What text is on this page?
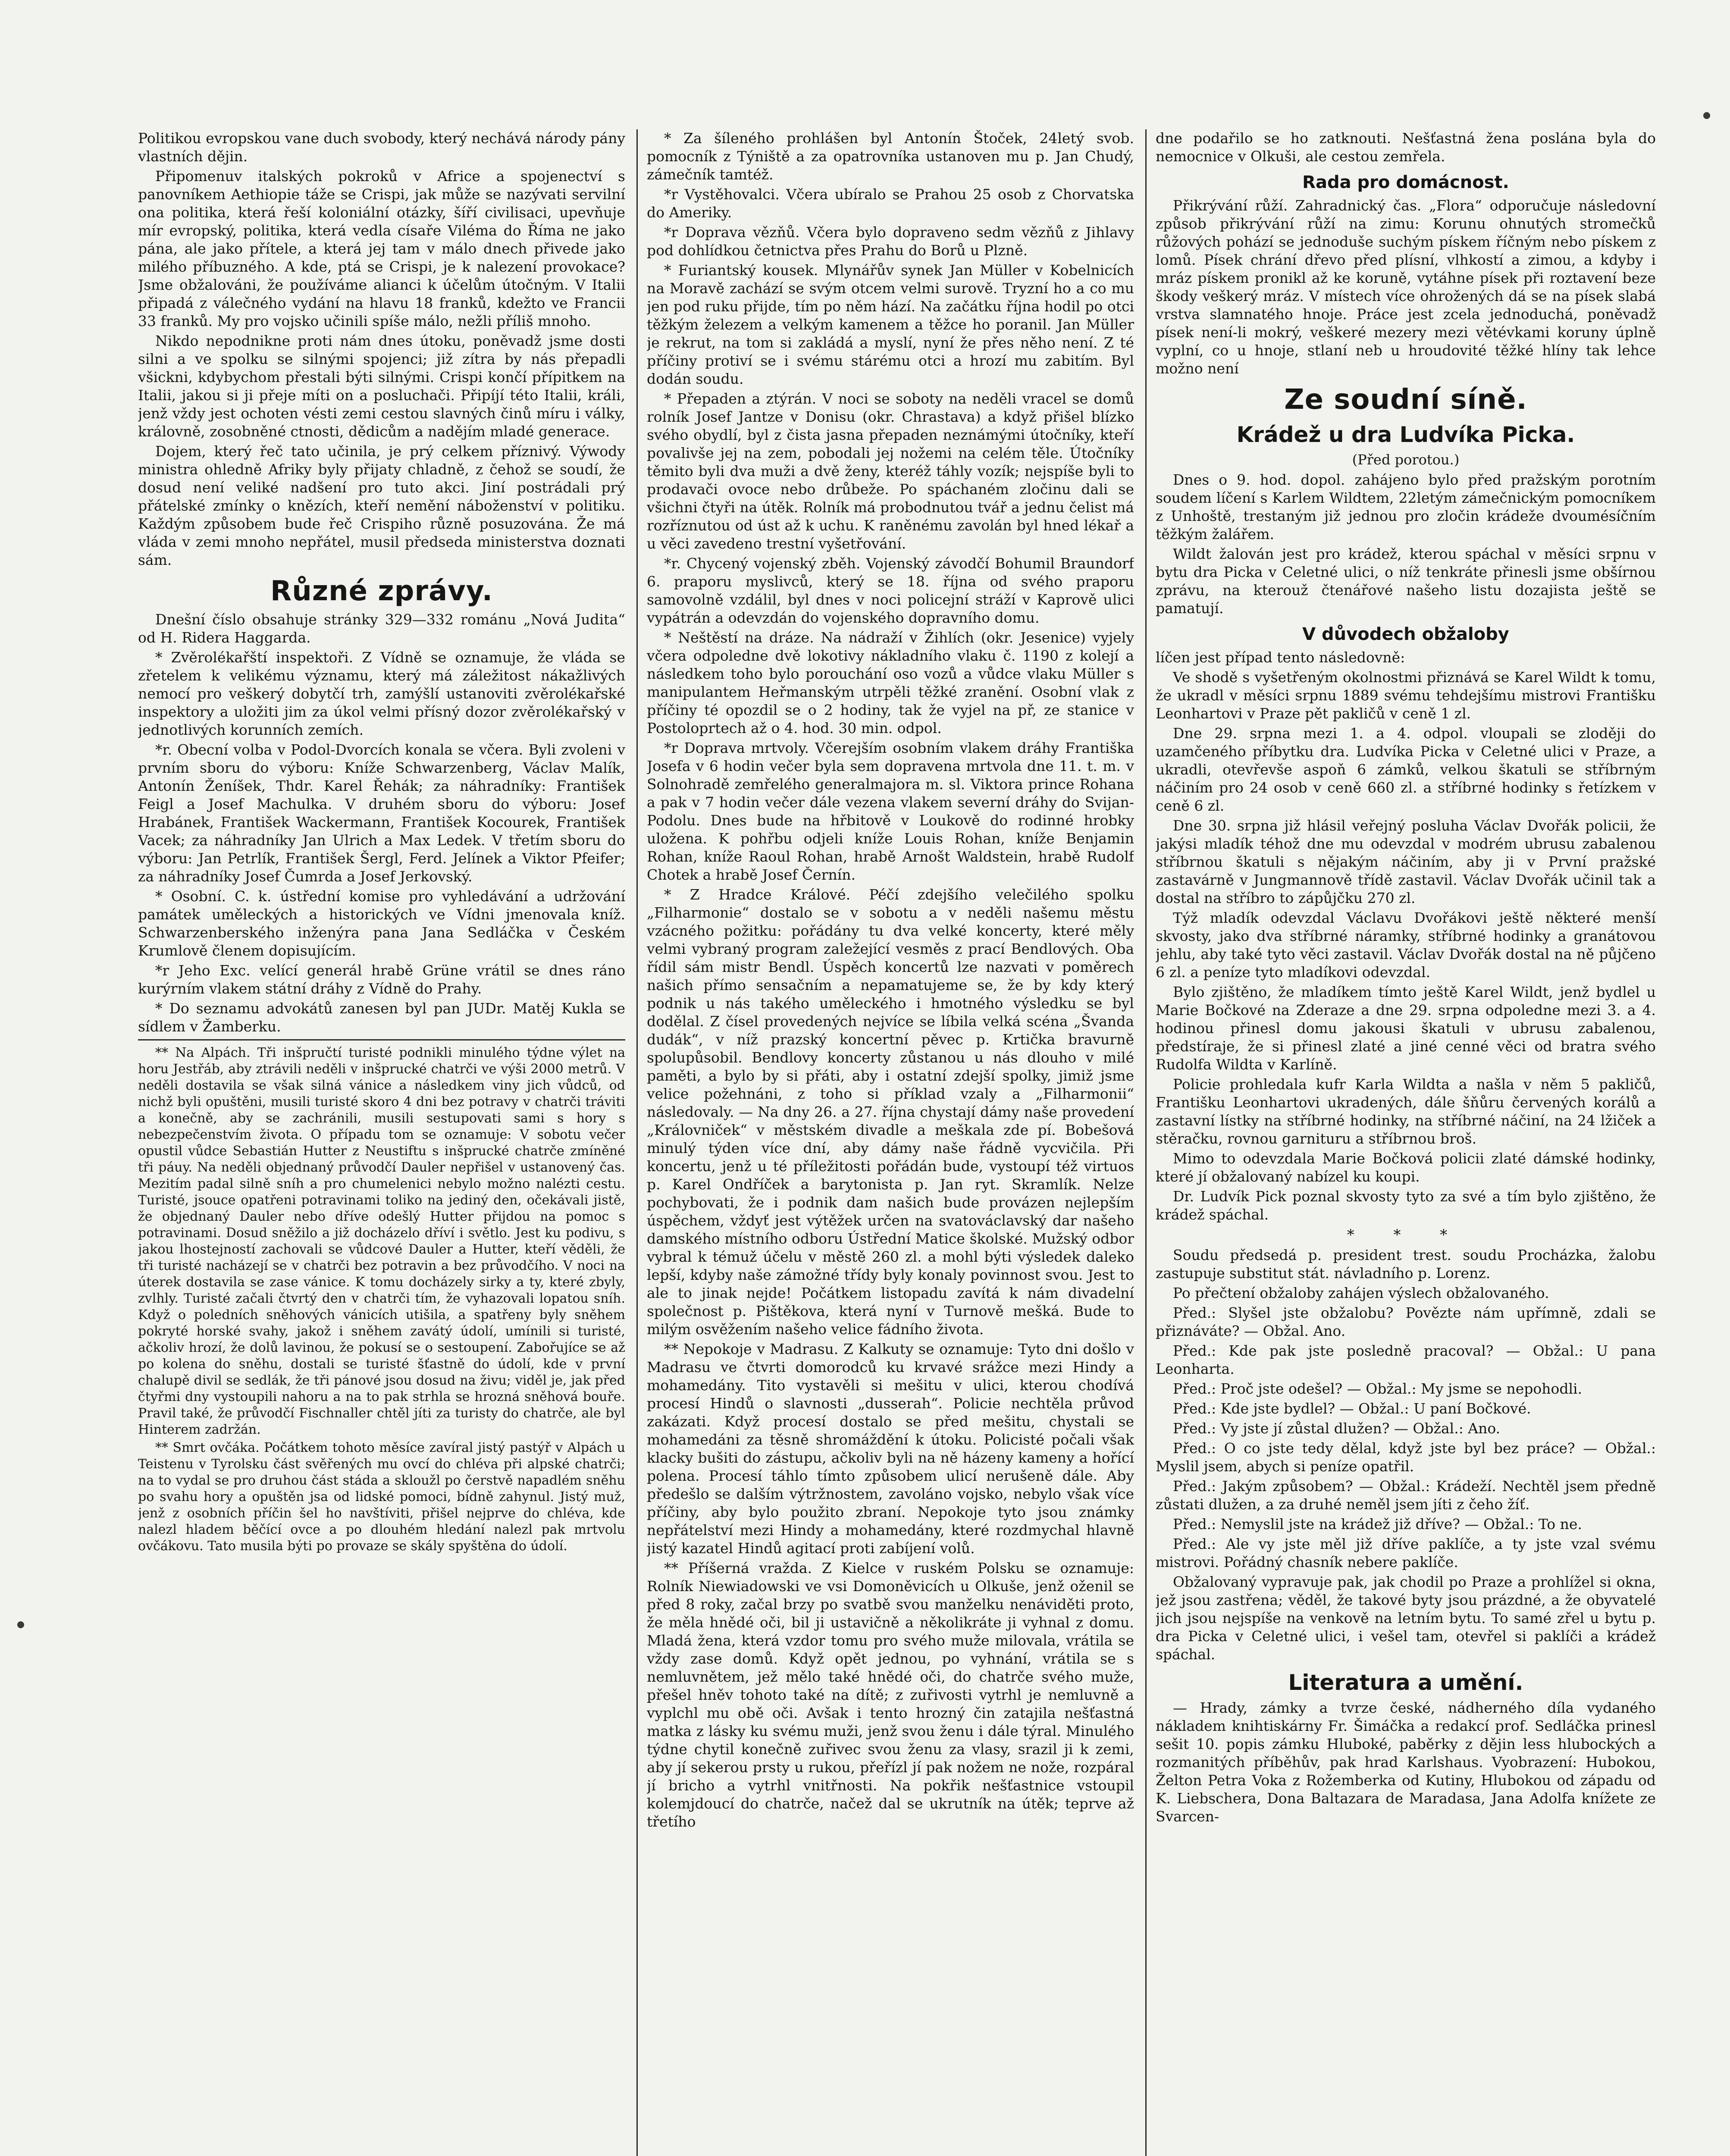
Politikou evropskou vane duch svobody, který nechává národy pány vlastních dějin.

Připomenuv italských pokroků v Africe a spojenectví s panovníkem Aethiopie táže se Crispi, jak může se nazývati servilní ona politika, která řeší koloniální otázky, šíří civilisaci, upevňuje mír evropský, politika, která vedla císaře Viléma do Říma ne jako pána, ale jako přítele, a která jej tam v málo dnech přivede jako milého příbuzného. A kde, ptá se Crispi, je k nalezení provokace? Jsme obžalováni, že používáme alianci k účelům útočným. V Italii připadá z válečného vydání na hlavu 18 franků, kdežto ve Francii 33 franků. My pro vojsko učinili spíše málo, nežli příliš mnoho.

Nikdo nepodnikne proti nám dnes útoku, poněvadž jsme dosti silni a ve spolku se silnými spojenci; již zítra by nás přepadli všickni, kdybychom přestali býti silnými. Crispi končí přípitkem na Italii, jakou si ji přeje míti on a posluchači. Připíjí této Italii, králi, jenž vždy jest ochoten vésti zemi cestou slavných činů míru i války, královně, zosobněné ctnosti, dědicům a nadějím mladé generace.

Dojem, který řeč tato učinila, je prý celkem příznivý. Výwody ministra ohledně Afriky byly přijaty chladně, z čehož se soudí, že dosud není veliké nadšení pro tuto akci. Jiní postrádali prý přátelské zmínky o knězích, kteří nemění náboženství v politiku. Každým způsobem bude řeč Crispiho různě posuzována. Že má vláda v zemi mnoho nepřátel, musil předseda ministerstva doznati sám.

Různé zprávy.

Dnešní číslo obsahuje stránky 329—332 románu „Nová Judita“ od H. Ridera Haggarda.

* Zvěrolékařští inspektoři. Z Vídně se oznamuje, že vláda se zřetelem k velikému významu, který má záležitost nákažlivých nemocí pro veškerý dobytčí trh, zamýšlí ustanoviti zvěrolékařské inspektory a uložiti jim za úkol velmi přísný dozor zvěrolékařský v jednotlivých korunních zemích.

*r. Obecní volba v Podol-Dvorcích konala se včera. Byli zvoleni v prvním sboru do výboru: Kníže Schwarzenberg, Václav Malík, Antonín Ženíšek, Thdr. Karel Řehák; za náhradníky: František Feigl a Josef Machulka. V druhém sboru do výboru: Josef Hrabánek, František Wackermann, František Kocourek, František Vacek; za náhradníky Jan Ulrich a Max Ledek. V třetím sboru do výboru: Jan Petrlík, František Šergl, Ferd. Jelínek a Viktor Pfeifer; za náhradníky Josef Čumrda a Josef Jerkovský.

* Osobní. C. k. ústřední komise pro vyhledávání a udržování památek uměleckých a historických ve Vídni jmenovala kníž. Schwarzenberského inženýra pana Jana Sedláčka v Českém Krumlově členem dopisujícím.

*r Jeho Exc. velící generál hrabě Grüne vrátil se dnes ráno kurýrním vlakem státní dráhy z Vídně do Prahy.

* Do seznamu advokátů zanesen byl pan JUDr. Matěj Kukla se sídlem v Žamberku.

** Na Alpách. Tři inšpručtí turisté podnikli minulého týdne výlet na horu Jestřáb, aby ztrávili neděli v inšprucké chatrči ve výši 2000 metrů. V neděli dostavila se však silná vánice a následkem viny jich vůdců, od nichž byli opuštěni, musili turisté skoro 4 dni bez potravy v chatrči tráviti a konečně, aby se zachránili, musili sestupovati sami s hory s nebezpečenstvím života. O případu tom se oznamuje: V sobotu večer opustil vůdce Sebastián Hutter z Neustiftu s inšprucké chatrče zmíněné tři páuy. Na neděli objednaný průvodčí Dauler nepřišel v ustanovený čas. Mezitím padal silně sníh a pro chumelenici nebylo možno nalézti cestu. Turisté, jsouce opatřeni potravinami toliko na jediný den, očekávali jistě, že objednaný Dauler nebo dříve odešlý Hutter přijdou na pomoc s potravinami. Dosud sněžilo a již docházelo dříví i světlo. Jest ku podivu, s jakou lhostejností zachovali se vůdcové Dauler a Hutter, kteří věděli, že tři turisté nacházejí se v chatrči bez potravin a bez průvodčího. V noci na úterek dostavila se zase vánice. K tomu docházely sirky a ty, které zbyly, zvlhly. Turisté začali čtvrtý den v chatrči tím, že vyhazovali lopatou sníh. Když o poledních sněhových vánicích utišila, a spatřeny byly sněhem pokryté horské svahy, jakož i sněhem zavátý údolí, umínili si turisté, ačkoliv hrozí, že dolů lavinou, že pokusí se o sestoupení. Zabořujíce se až po kolena do sněhu, dostali se turisté šťastně do údolí, kde v první chalupě divil se sedlák, že tři pánové jsou dosud na živu; viděl je, jak před čtyřmi dny vystoupili nahoru a na to pak strhla se hrozná sněhová bouře. Pravil také, že průvodčí Fischnaller chtěl jíti za turisty do chatrče, ale byl Hinterem zadržán.

** Smrt ovčáka. Počátkem tohoto měsíce zavíral jistý pastýř v Alpách u Teistenu v Tyrolsku část svěřených mu ovcí do chléva při alpské chatrči; na to vydal se pro druhou část stáda a skloužl po čerstvě napadlém sněhu po svahu hory a opuštěn jsa od lidské pomoci, bídně zahynul. Jistý muž, jenž z osobních příčin šel ho navštíviti, přišel nejprve do chléva, kde nalezl hladem běčící ovce a po dlouhém hledání nalezl pak mrtvolu ovčákovu. Tato musila býti po provaze se skály spyštěna do údolí.

* Za šíleného prohlášen byl Antonín Štoček, 24letý svob. pomocník z Týniště a za opatrovníka ustanoven mu p. Jan Chudý, zámečník tamtéž.

*r Vystěhovalci. Včera ubíralo se Prahou 25 osob z Chorvatska do Ameriky.

*r Doprava vězňů. Včera bylo dopraveno sedm vězňů z Jihlavy pod dohlídkou četnictva přes Prahu do Borů u Plzně.

* Furiantský kousek. Mlynářův synek Jan Müller v Kobelnicích na Moravě zachází se svým otcem velmi surově. Tryzní ho a co mu jen pod ruku přijde, tím po něm hází. Na začátku října hodil po otci těžkým železem a velkým kamenem a těžce ho poranil. Jan Müller je rekrut, na tom si zakládá a myslí, nyní že přes něho není. Z té příčiny protiví se i svému stárému otci a hrozí mu zabitím. Byl dodán soudu.

* Přepaden a ztýrán. V noci se soboty na neděli vracel se domů rolník Josef Jantze v Donisu (okr. Chrastava) a když přišel blízko svého obydlí, byl z čista jasna přepaden neznámými útočníky, kteří povalivše jej na zem, pobodali jej nožemi na celém těle. Útočníky těmito byli dva muži a dvě ženy, kteréž táhly vozík; nejspíše byli to prodavači ovoce nebo drůbeže. Po spáchaném zločinu dali se všichni čtyři na útěk. Rolník má probodnutou tvář a jednu čelist má rozříznutou od úst až k uchu. K raněnému zavolán byl hned lékař a u věci zavedeno trestní vyšetřování.

*r. Chycený vojenský zběh. Vojenský závodčí Bohumil Braundorf 6. praporu myslivců, který se 18. října od svého praporu samovolně vzdálil, byl dnes v noci policejní stráží v Kaprově ulici vypátrán a odevzdán do vojenského dopravního domu.

* Neštěstí na dráze. Na nádraží v Žihlích (okr. Jesenice) vyjely včera odpoledne dvě lokotivy nákladního vlaku č. 1190 z kolejí a následkem toho bylo porouchání oso vozů a vůdce vlaku Müller s manipulantem Heřmanským utrpěli těžké zranění. Osobní vlak z příčiny té opozdil se o 2 hodiny, tak že vyjel na př, ze stanice v Postoloprtech až o 4. hod. 30 min. odpol.

*r Doprava mrtvoly. Včerejším osobním vlakem dráhy Františka Josefa v 6 hodin večer byla sem dopravena mrtvola dne 11. t. m. v Solnohradě zemřelého generalmajora m. sl. Viktora prince Rohana a pak v 7 hodin večer dále vezena vlakem severní dráhy do Svijan-Podolu. Dnes bude na hřbitově v Loukově do rodinné hrobky uložena. K pohřbu odjeli kníže Louis Rohan, kníže Benjamin Rohan, kníže Raoul Rohan, hrabě Arnošt Waldstein, hrabě Rudolf Chotek a hrabě Josef Černín.

* Z Hradce Králové. Péčí zdejšího velečilého spolku „Filharmonie“ dostalo se v sobotu a v neděli našemu městu vzácného požitku: pořádány tu dva velké koncerty, které měly velmi vybraný program zaležející vesměs z prací Bendlových. Oba řídil sám mistr Bendl. Úspěch koncertů lze nazvati v poměrech našich přímo sensačním a nepamatujeme se, že by kdy který podnik u nás takého uměleckého i hmotného výsledku se byl dodělal. Z čísel provedených nejvíce se líbila velká scéna „Švanda dudák“, v níž prazský koncertní pěvec p. Krtička bravurně spolupůsobil. Bendlovy koncerty zůstanou u nás dlouho v milé paměti, a bylo by si přáti, aby i ostatní zdejší spolky, jimiž jsme velice požehnáni, z toho si příklad vzaly a „Filharmonii“ následovaly. — Na dny 26. a 27. října chystají dámy naše provedení „Královniček“ v městském divadle a meškala zde pí. Bobešová minulý týden více dní, aby dámy naše řádně vycvičila. Při koncertu, jenž u té příležitosti pořádán bude, vystoupí též virtuos p. Karel Ondříček a barytonista p. Jan ryt. Skramlík. Nelze pochybovati, že i podnik dam našich bude provázen nejlepším úspěchem, vždyť jest výtěžek určen na svatováclavský dar našeho damského místního odboru Ústřední Matice školské. Mužský odbor vybral k témuž účelu v městě 260 zl. a mohl býti výsledek daleko lepší, kdyby naše zámožné třídy byly konaly povinnost svou. Jest to ale to jinak nejde! Počátkem listopadu zavítá k nám divadelní společnost p. Pištěkova, která nyní v Turnově mešká. Bude to milým osvěžením našeho velice fádního života.

** Nepokoje v Madrasu. Z Kalkuty se oznamuje: Tyto dni došlo v Madrasu ve čtvrti domorodců ku krvavé srážce mezi Hindy a mohamedány. Tito vystavěli si mešitu v ulici, kterou chodívá procesí Hindů o slavnosti „dusserah“. Policie nechtěla průvod zakázati. Když procesí dostalo se před mešitu, chystali se mohamedáni za těsně shromáždění k útoku. Policisté počali však klacky bušiti do zástupu, ačkoliv byli na ně házeny kameny a hořící polena. Procesí táhlo tímto způsobem ulicí nerušeně dále. Aby předešlo se dalším výtržnostem, zavoláno vojsko, nebylo však více příčiny, aby bylo použito zbraní. Nepokoje tyto jsou známky nepřátelství mezi Hindy a mohamedány, které rozdmychal hlavně jistý kazatel Hindů agitací proti zabíjení volů.

** Příšerná vražda. Z Kielce v ruském Polsku se oznamuje: Rolník Niewiadowski ve vsi Domoněvicích u Olkuše, jenž oženil se před 8 roky, začal brzy po svatbě svou manželku nenáviděti proto, že měla hnědé oči, bil ji ustavičně a několikráte ji vyhnal z domu. Mladá žena, která vzdor tomu pro svého muže milovala, vrátila se vždy zase domů. Když opět jednou, po vyhnání, vrátila se s nemluvnětem, jež mělo také hnědé oči, do chatrče svého muže, přešel hněv tohoto také na dítě; z zuřivosti vytrhl je nemluvně a vyplchl mu obě oči. Avšak i tento hrozný čin zatajila nešťastná matka z lásky ku svému muži, jenž svou ženu i dále týral. Minulého týdne chytil konečně zuřivec svou ženu za vlasy, srazil ji k zemi, aby jí sekerou prsty u rukou, přeřízl jí pak nožem ne nože, rozpáral jí bricho a vytrhl vnitřnosti. Na pokřik nešťastnice vstoupil kolemjdoucí do chatrče, načež dal se ukrutník na útěk; teprve až třetího

dne podařilo se ho zatknouti. Nešťastná žena poslána byla do nemocnice v Olkuši, ale cestou zemřela.

Rada pro domácnost.

Přikrývání růží. Zahradnický čas. „Flora“ odporučuje následovní způsob přikrývání růží na zimu: Korunu ohnutých stromečků růžových pohází se jednoduše suchým pískem říčným nebo pískem z lomů. Písek chrání dřevo před plísní, vlhkostí a zimou, a kdyby i mráz pískem pronikl až ke koruně, vytáhne písek při roztavení beze škody veškerý mráz. V místech více ohrožených dá se na písek slabá vrstva slamnatého hnoje. Práce jest zcela jednoduchá, poněvadž písek není-li mokrý, veškeré mezery mezi větévkami koruny úplně vyplní, co u hnoje, stlaní neb u hroudovité těžké hlíny tak lehce možno není

Ze soudní síně.
Krádež u dra Ludvíka Picka.
(Před porotou.)

Dnes o 9. hod. dopol. zahájeno bylo před pražským porotním soudem líčení s Karlem Wildtem, 22letým zámečnickým pomocníkem z Unhoště, trestaným již jednou pro zločin krádeže dvoumésíčním těžkým žalářem.

Wildt žalován jest pro krádež, kterou spáchal v měsíci srpnu v bytu dra Picka v Celetné ulici, o níž tenkráte přinesli jsme obšírnou zprávu, na kterouž čtenářové našeho listu dozajista ještě se pamatují.

V důvodech obžaloby

líčen jest případ tento následovně:

Ve shodě s vyšetřeným okolnostmi přiznává se Karel Wildt k tomu, že ukradl v měsíci srpnu 1889 svému tehdejšímu mistrovi Františku Leonhartovi v Praze pět pakličů v ceně 1 zl.

Dne 29. srpna mezi 1. a 4. odpol. vloupali se zloději do uzamčeného příbytku dra. Ludvíka Picka v Celetné ulici v Praze, a ukradli, otevřevše aspoň 6 zámků, velkou škatuli se stříbrným náčiním pro 24 osob v ceně 660 zl. a stříbrné hodinky s řetízkem v ceně 6 zl.

Dne 30. srpna již hlásil veřejný posluha Václav Dvořák policii, že jakýsi mladík téhož dne mu odevzdal v modrém ubrusu zabalenou stříbrnou škatuli s nějakým náčiním, aby ji v První pražské zastavárně v Jungmannově třídě zastavil. Václav Dvořák učinil tak a dostal na stříbro to zápůjčku 270 zl.

Týž mladík odevzdal Václavu Dvořákovi ještě některé menší skvosty, jako dva stříbrné náramky, stříbrné hodinky a granátovou jehlu, aby také tyto věci zastavil. Václav Dvořák dostal na ně půjčeno 6 zl. a peníze tyto mladíkovi odevzdal.

Bylo zjištěno, že mladíkem tímto ještě Karel Wildt, jenž bydlel u Marie Bočkové na Zderaze a dne 29. srpna odpoledne mezi 3. a 4. hodinou přinesl domu jakousi škatuli v ubrusu zabalenou, předstíraje, že si přinesl zlaté a jiné cenné věci od bratra svého Rudolfa Wildta v Karlíně.

Policie prohledala kufr Karla Wildta a našla v něm 5 pakličů, Františku Leonhartovi ukradených, dále šňůru červených korálů a zastavní lístky na stříbrné hodinky, na stříbrné náčiní, na 24 lžiček a stěračku, rovnou garnituru a stříbrnou broš.

Mimo to odevzdala Marie Bočková policii zlaté dámské hodinky, které jí obžalovaný nabízel ku koupi.

Dr. Ludvík Pick poznal skvosty tyto za své a tím bylo zjištěno, že krádež spáchal.

* * *

Soudu předsedá p. president trest. soudu Procházka, žalobu zastupuje substitut stát. návladního p. Lorenz.

Po přečtení obžaloby zahájen výslech obžalovaného.

Před.: Slyšel jste obžalobu? Povězte nám upřímně, zdali se přiznáváte? — Obžal. Ano.

Před.: Kde pak jste posledně pracoval? — Obžal.: U pana Leonharta.

Před.: Proč jste odešel? — Obžal.: My jsme se nepohodli.

Před.: Kde jste bydlel? — Obžal.: U paní Bočkové.

Před.: Vy jste jí zůstal dlužen? — Obžal.: Ano.

Před.: O co jste tedy dělal, když jste byl bez práce? — Obžal.: Myslil jsem, abych si peníze opatřil.

Před.: Jakým způsobem? — Obžal.: Krádeží. Nechtěl jsem předně zůstati dlužen, a za druhé neměl jsem jíti z čeho žíť.

Před.: Nemyslil jste na krádež již dříve? — Obžal.: To ne.

Před.: Ale vy jste měl již dříve paklíče, a ty jste vzal svému mistrovi. Pořádný chasník nebere paklíče.

Obžalovaný vypravuje pak, jak chodil po Praze a prohlížel si okna, jež jsou zastřena; věděl, že takové byty jsou prázdné, a že obyvatelé jich jsou nejspíše na venkově na letním bytu. To samé zřel u bytu p. dra Picka v Celetné ulici, i vešel tam, otevřel si paklíči a krádež spáchal.

Literatura a umění.

— Hrady, zámky a tvrze české, nádherného díla vydaného nákladem knihtiskárny Fr. Šimáčka a redakcí prof. Sedláčka prinesl sešit 10. popis zámku Hluboké, paběrky z dějin less hlubockých a rozmanitých příběhův, pak hrad Karlshaus. Vyobrazení: Hubokou, Želton Petra Voka z Rožemberka od Kutiny, Hlubokou od západu od K. Liebschera, Dona Baltazara de Maradasa, Jana Adolfa knížete ze Svarcen-
